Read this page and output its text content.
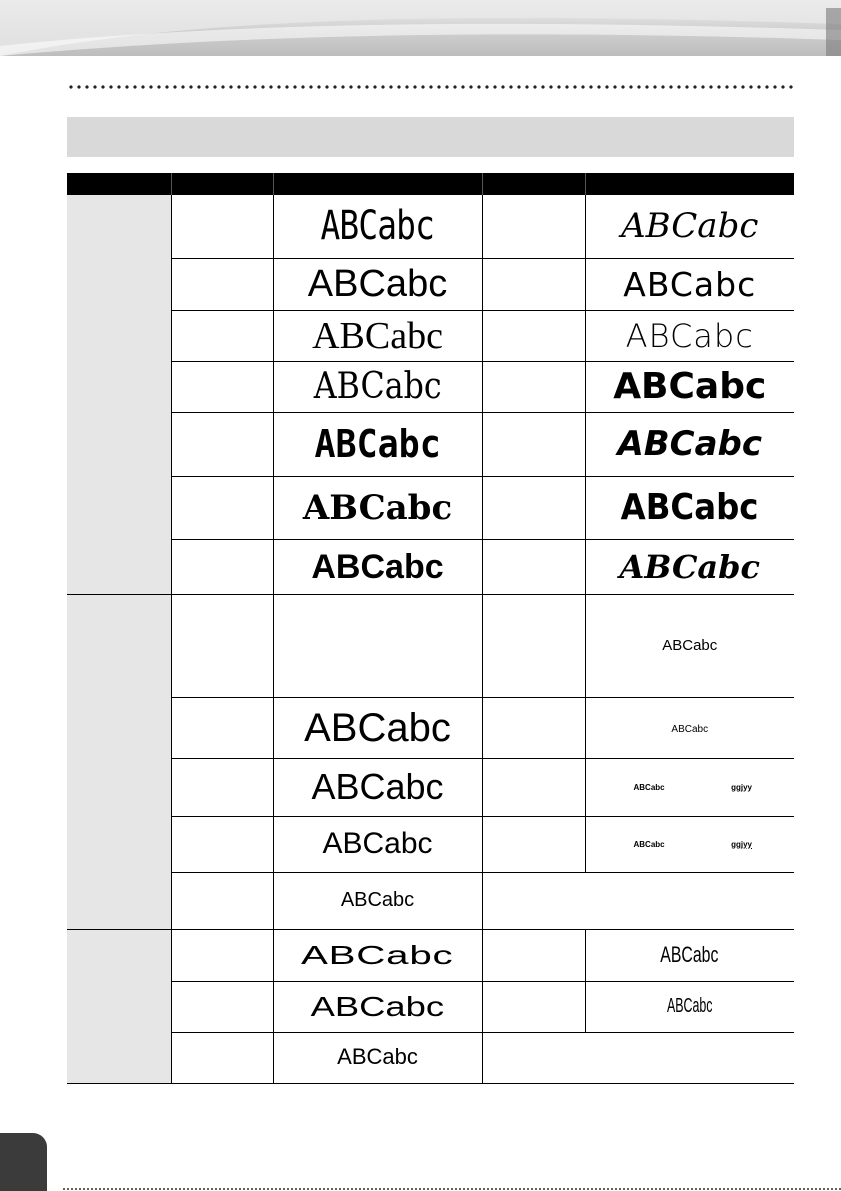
		ABCabc		ABCabc
		ABCabc		ABCabc
		ABCabc		ABCabc
		ABCabc		ABCabc
		ABCabc		ABCabc
		ABCabc		ABCabc
		ABCabc		ABCabc
				ABCabc
		ABCabc		ABCabc
		ABCabc		ABCabc ggjyy

		ABCabc		ABCabc ggjyy

		ABCabc		
		ABCabc		ABCabc
		ABCabc		ABCabc
		ABCabc		
